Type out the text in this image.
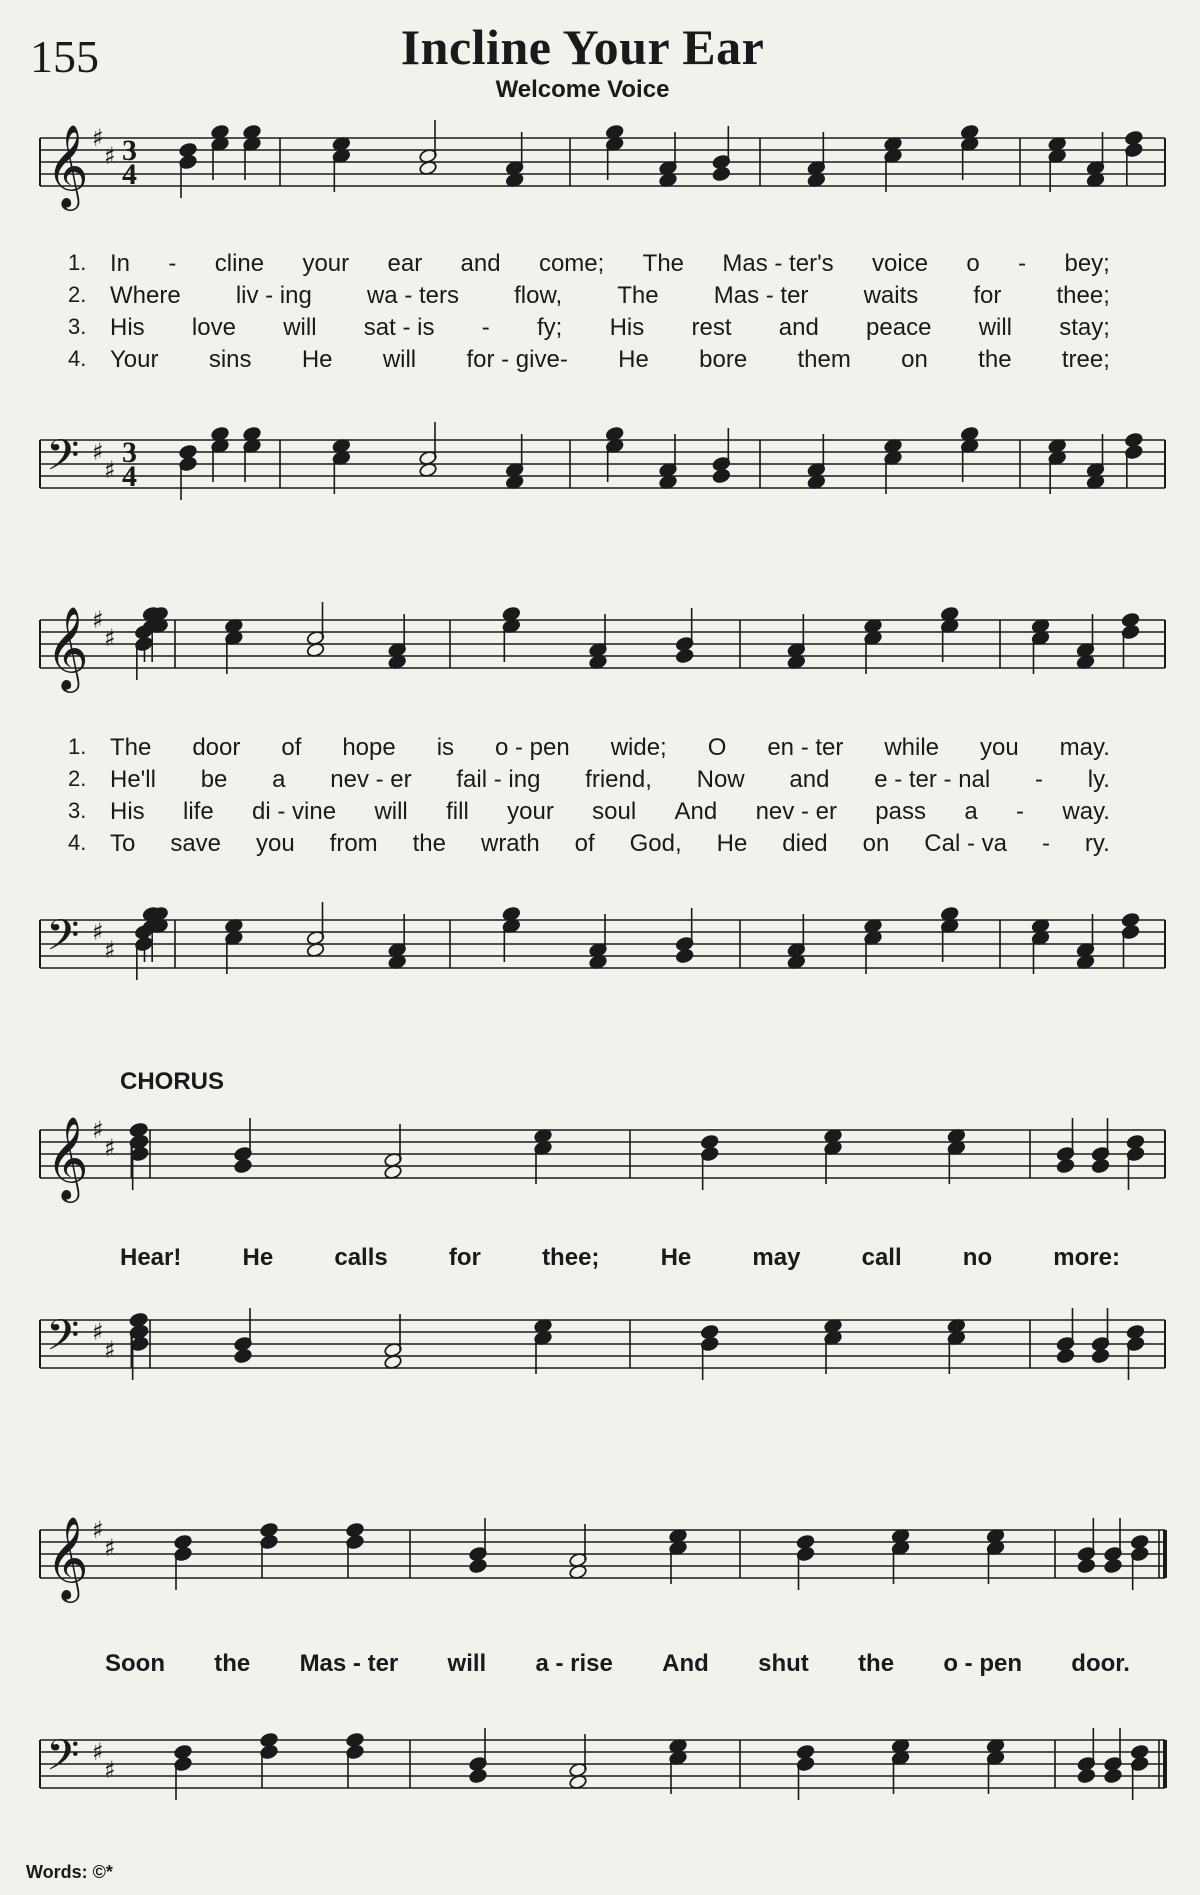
155	Incline Your Ear
Welcome Voice
𝄞 ♯
♯ 3
4
1. In - cline your ear and come; The Mas - ter's voice o - bey;
2. Where liv - ing wa - ters flow, The Mas - ter waits for thee;
3. His love will sat - is - fy; His rest and peace will stay;
4. Your sins He will for - give- He bore them on the tree;
𝄢 ♯
♯
3
4
𝄞 ♯
♯
1. The door of hope is o - pen wide; O en - ter while you may.
2. He'll be a nev - er fail - ing friend, Now and e - ter - nal - ly.
3. His life di - vine will fill your soul And nev - er pass a - way.
4. To save you from the wrath of God, He died on Cal - va - ry.
𝄢 ♯
♯
CHORUS
𝄞 ♯
♯
Hear!	He	calls	for	thee;	He	may	call	no	more:
𝄢 ♯
♯
𝄞 ♯
♯
Soon the Mas - ter will a - rise And shut the o - pen door.
𝄢 ♯
♯
Words: ©*
